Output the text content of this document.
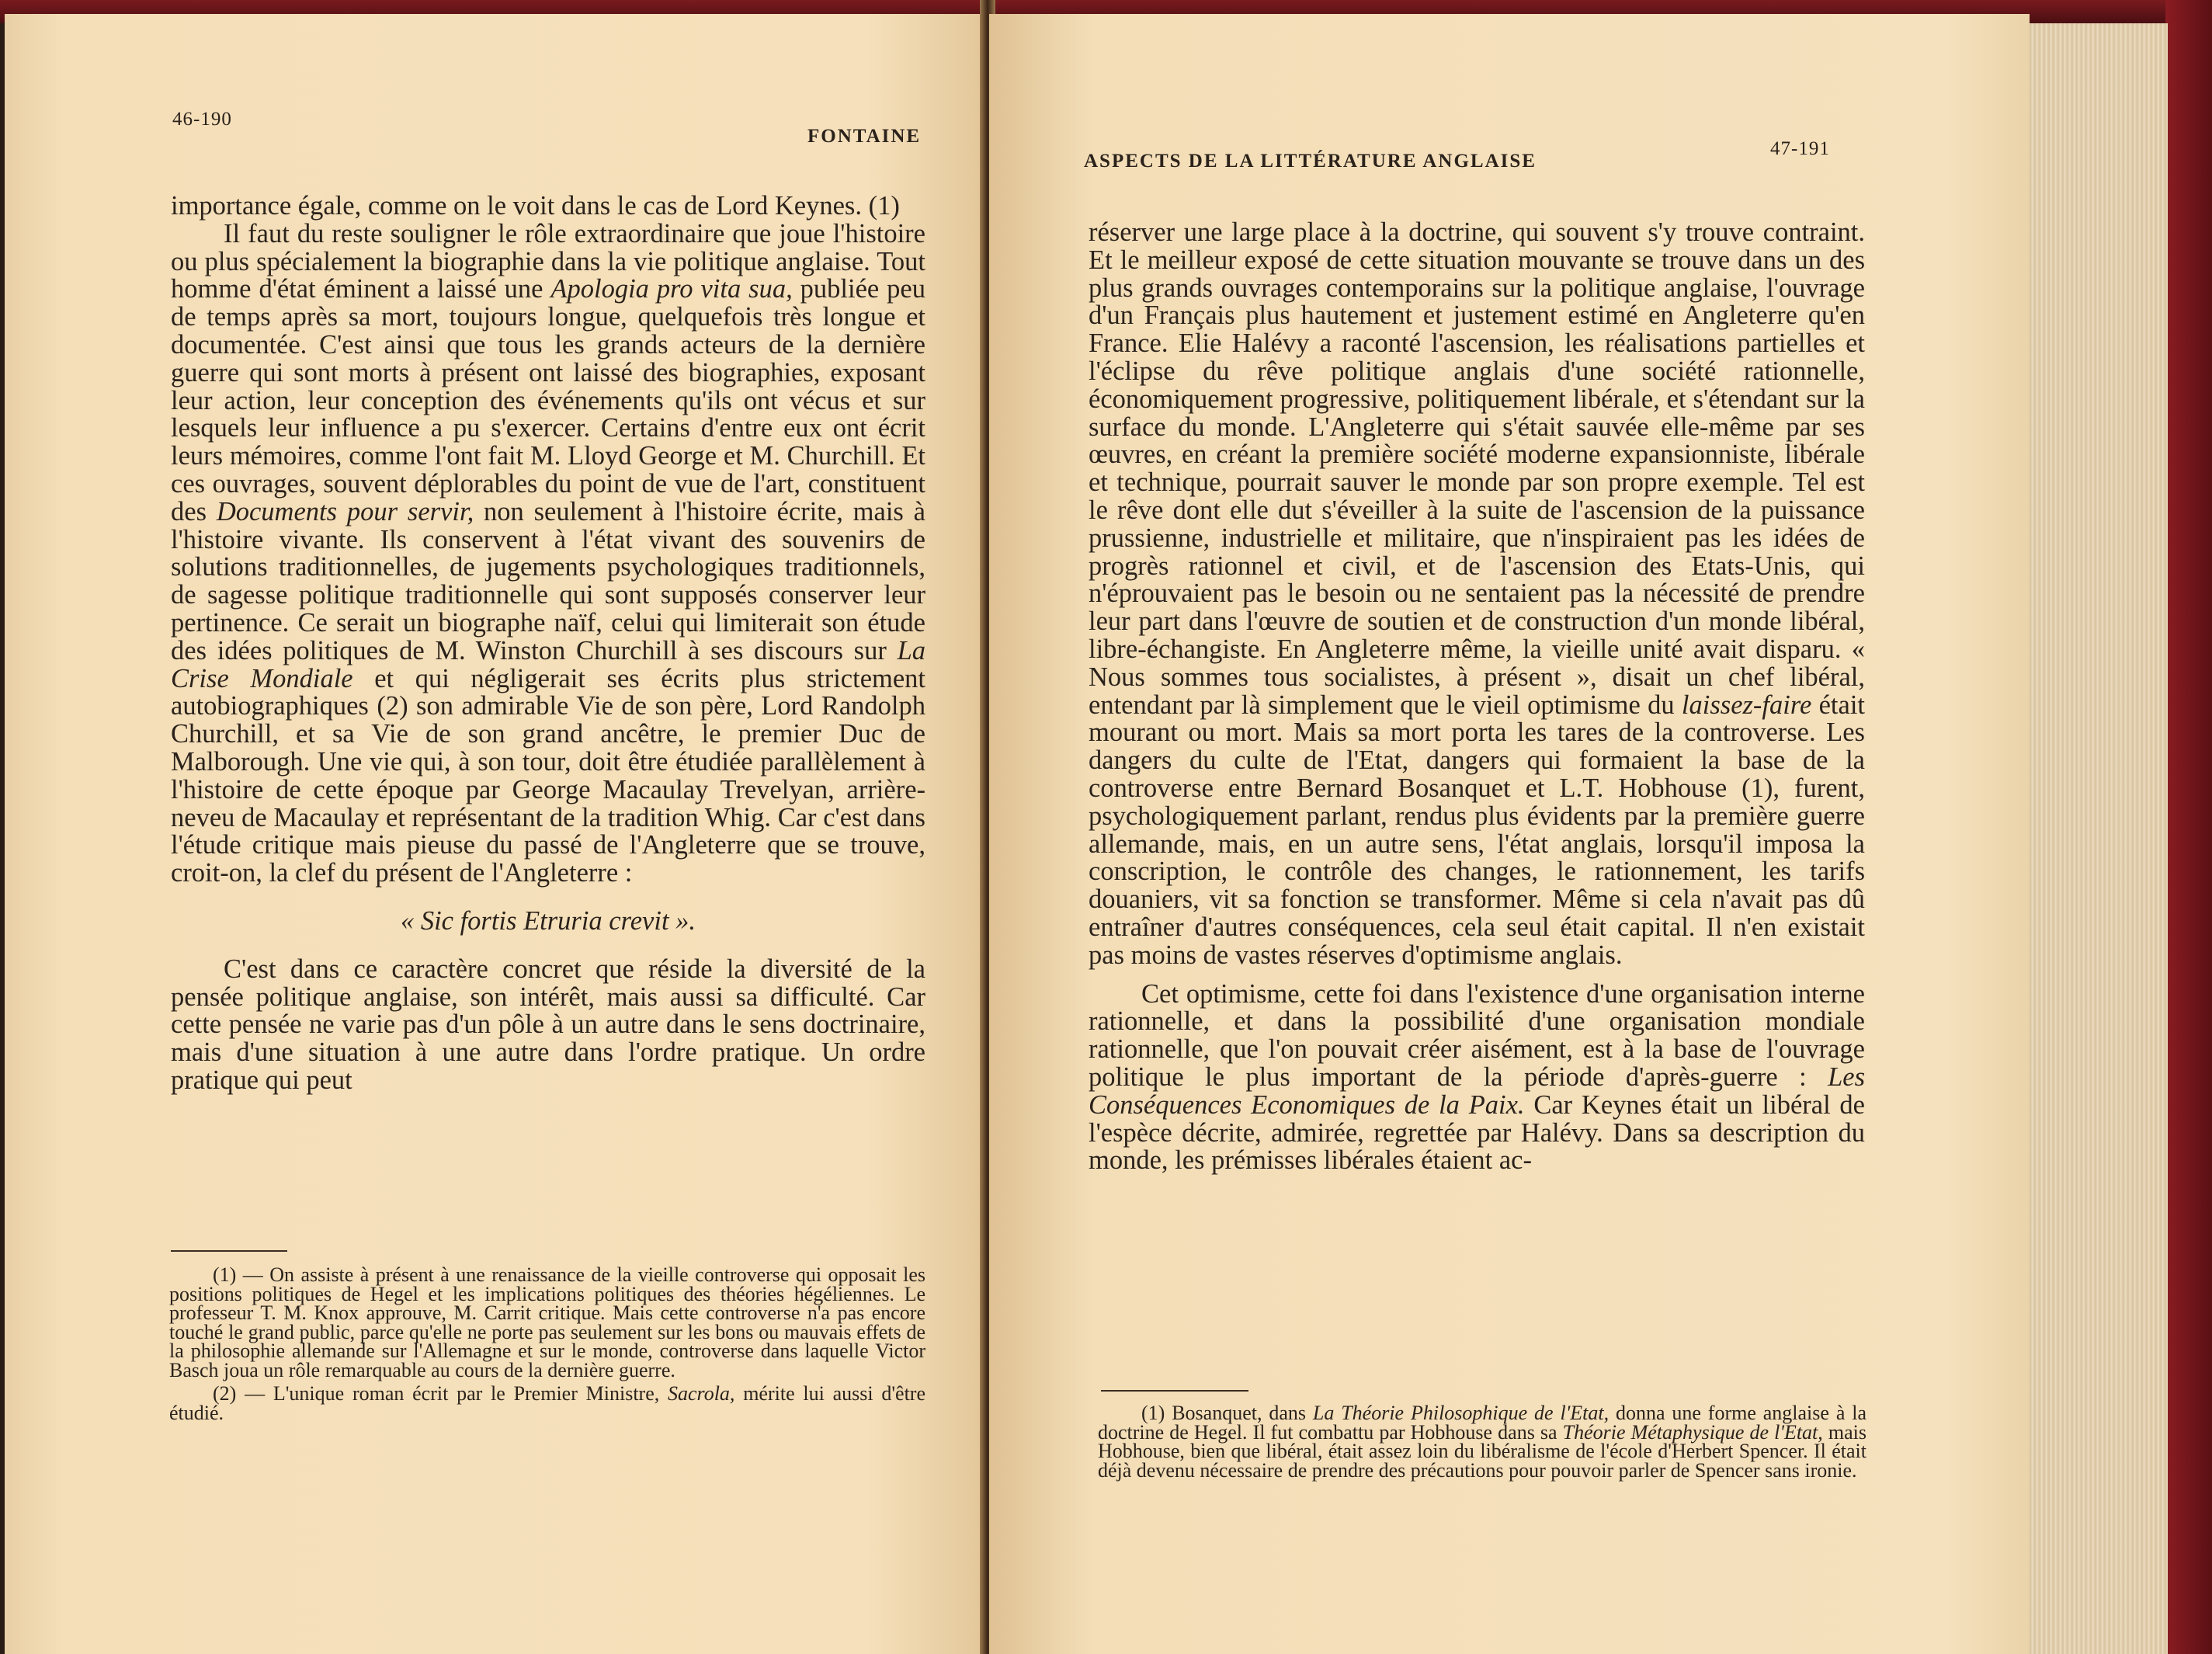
46-190
FONTAINE

importance égale, comme on le voit dans le cas de Lord Keynes. (1)

Il faut du reste souligner le rôle extraordinaire que joue l'histoire ou plus spécialement la biographie dans la vie politique anglaise. Tout homme d'état éminent a laissé une Apologia pro vita sua, publiée peu de temps après sa mort, toujours longue, quelquefois très longue et documentée. C'est ainsi que tous les grands acteurs de la dernière guerre qui sont morts à présent ont laissé des biographies, exposant leur action, leur conception des événements qu'ils ont vécus et sur lesquels leur influence a pu s'exercer. Certains d'entre eux ont écrit leurs mémoires, comme l'ont fait M. Lloyd George et M. Churchill. Et ces ouvrages, souvent déplorables du point de vue de l'art, constituent des Documents pour servir, non seulement à l'histoire écrite, mais à l'histoire vivante. Ils conservent à l'état vivant des souvenirs de solutions traditionnelles, de jugements psychologiques traditionnels, de sagesse politique traditionnelle qui sont supposés conserver leur pertinence. Ce serait un biographe naïf, celui qui limiterait son étude des idées politiques de M. Winston Churchill à ses discours sur La Crise Mondiale et qui négligerait ses écrits plus strictement autobiographiques (2) son admirable Vie de son père, Lord Randolph Churchill, et sa Vie de son grand ancêtre, le premier Duc de Malborough. Une vie qui, à son tour, doit être étudiée parallèlement à l'histoire de cette époque par George Macaulay Trevelyan, arrière-neveu de Macaulay et représentant de la tradition Whig. Car c'est dans l'étude critique mais pieuse du passé de l'Angleterre que se trouve, croit-on, la clef du présent de l'Angleterre :

« Sic fortis Etruria crevit ».

C'est dans ce caractère concret que réside la diversité de la pensée politique anglaise, son intérêt, mais aussi sa difficulté. Car cette pensée ne varie pas d'un pôle à un autre dans le sens doctrinaire, mais d'une situation à une autre dans l'ordre pratique. Un ordre pratique qui peut

(1) — On assiste à présent à une renaissance de la vieille controverse qui opposait les positions politiques de Hegel et les implications politiques des théories hégéliennes. Le professeur T. M. Knox approuve, M. Carrit critique. Mais cette controverse n'a pas encore touché le grand public, parce qu'elle ne porte pas seulement sur les bons ou mauvais effets de la philosophie allemande sur l'Allemagne et sur le monde, controverse dans laquelle Victor Basch joua un rôle remarquable au cours de la dernière guerre.

(2) — L'unique roman écrit par le Premier Ministre, Sacrola, mérite lui aussi d'être étudié.

ASPECTS DE LA LITTÉRATURE ANGLAISE
47-191

réserver une large place à la doctrine, qui souvent s'y trouve contraint. Et le meilleur exposé de cette situation mouvante se trouve dans un des plus grands ouvrages contemporains sur la politique anglaise, l'ouvrage d'un Français plus hautement et justement estimé en Angleterre qu'en France. Elie Halévy a raconté l'ascension, les réalisations partielles et l'éclipse du rêve politique anglais d'une société rationnelle, économiquement progressive, politiquement libérale, et s'étendant sur la surface du monde. L'Angleterre qui s'était sauvée elle-même par ses œuvres, en créant la première société moderne expansionniste, libérale et technique, pourrait sauver le monde par son propre exemple. Tel est le rêve dont elle dut s'éveiller à la suite de l'ascension de la puissance prussienne, industrielle et militaire, que n'inspiraient pas les idées de progrès rationnel et civil, et de l'ascension des Etats-Unis, qui n'éprouvaient pas le besoin ou ne sentaient pas la nécessité de prendre leur part dans l'œuvre de soutien et de construction d'un monde libéral, libre-échangiste. En Angleterre même, la vieille unité avait disparu. « Nous sommes tous socialistes, à présent », disait un chef libéral, entendant par là simplement que le vieil optimisme du laissez-faire était mourant ou mort. Mais sa mort porta les tares de la controverse. Les dangers du culte de l'Etat, dangers qui formaient la base de la controverse entre Bernard Bosanquet et L.T. Hobhouse (1), furent, psychologiquement parlant, rendus plus évidents par la première guerre allemande, mais, en un autre sens, l'état anglais, lorsqu'il imposa la conscription, le contrôle des changes, le rationnement, les tarifs douaniers, vit sa fonction se transformer. Même si cela n'avait pas dû entraîner d'autres conséquences, cela seul était capital. Il n'en existait pas moins de vastes réserves d'optimisme anglais.

Cet optimisme, cette foi dans l'existence d'une organisation interne rationnelle, et dans la possibilité d'une organisation mondiale rationnelle, que l'on pouvait créer aisément, est à la base de l'ouvrage politique le plus important de la période d'après-guerre : Les Conséquences Economiques de la Paix. Car Keynes était un libéral de l'espèce décrite, admirée, regrettée par Halévy. Dans sa description du monde, les prémisses libérales étaient ac-

(1) Bosanquet, dans La Théorie Philosophique de l'Etat, donna une forme anglaise à la doctrine de Hegel. Il fut combattu par Hobhouse dans sa Théorie Métaphysique de l'Etat, mais Hobhouse, bien que libéral, était assez loin du libéralisme de l'école d'Herbert Spencer. Il était déjà devenu nécessaire de prendre des précautions pour pouvoir parler de Spencer sans ironie.
